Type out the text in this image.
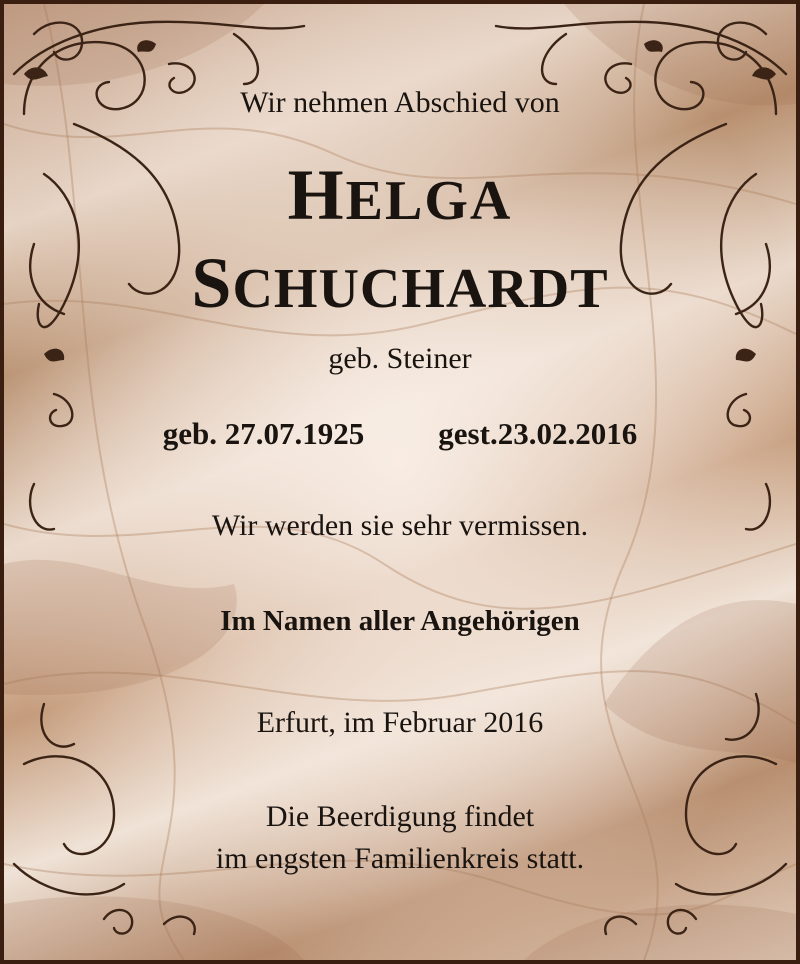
Wir nehmen Abschied von
HELGA
SCHUCHARDT
geb. Steiner
geb. 27.07.1925 gest.23.02.2016
Wir werden sie sehr vermissen.
Im Namen aller Angehörigen
Erfurt, im Februar 2016
Die Beerdigung findet
im engsten Familienkreis statt.
